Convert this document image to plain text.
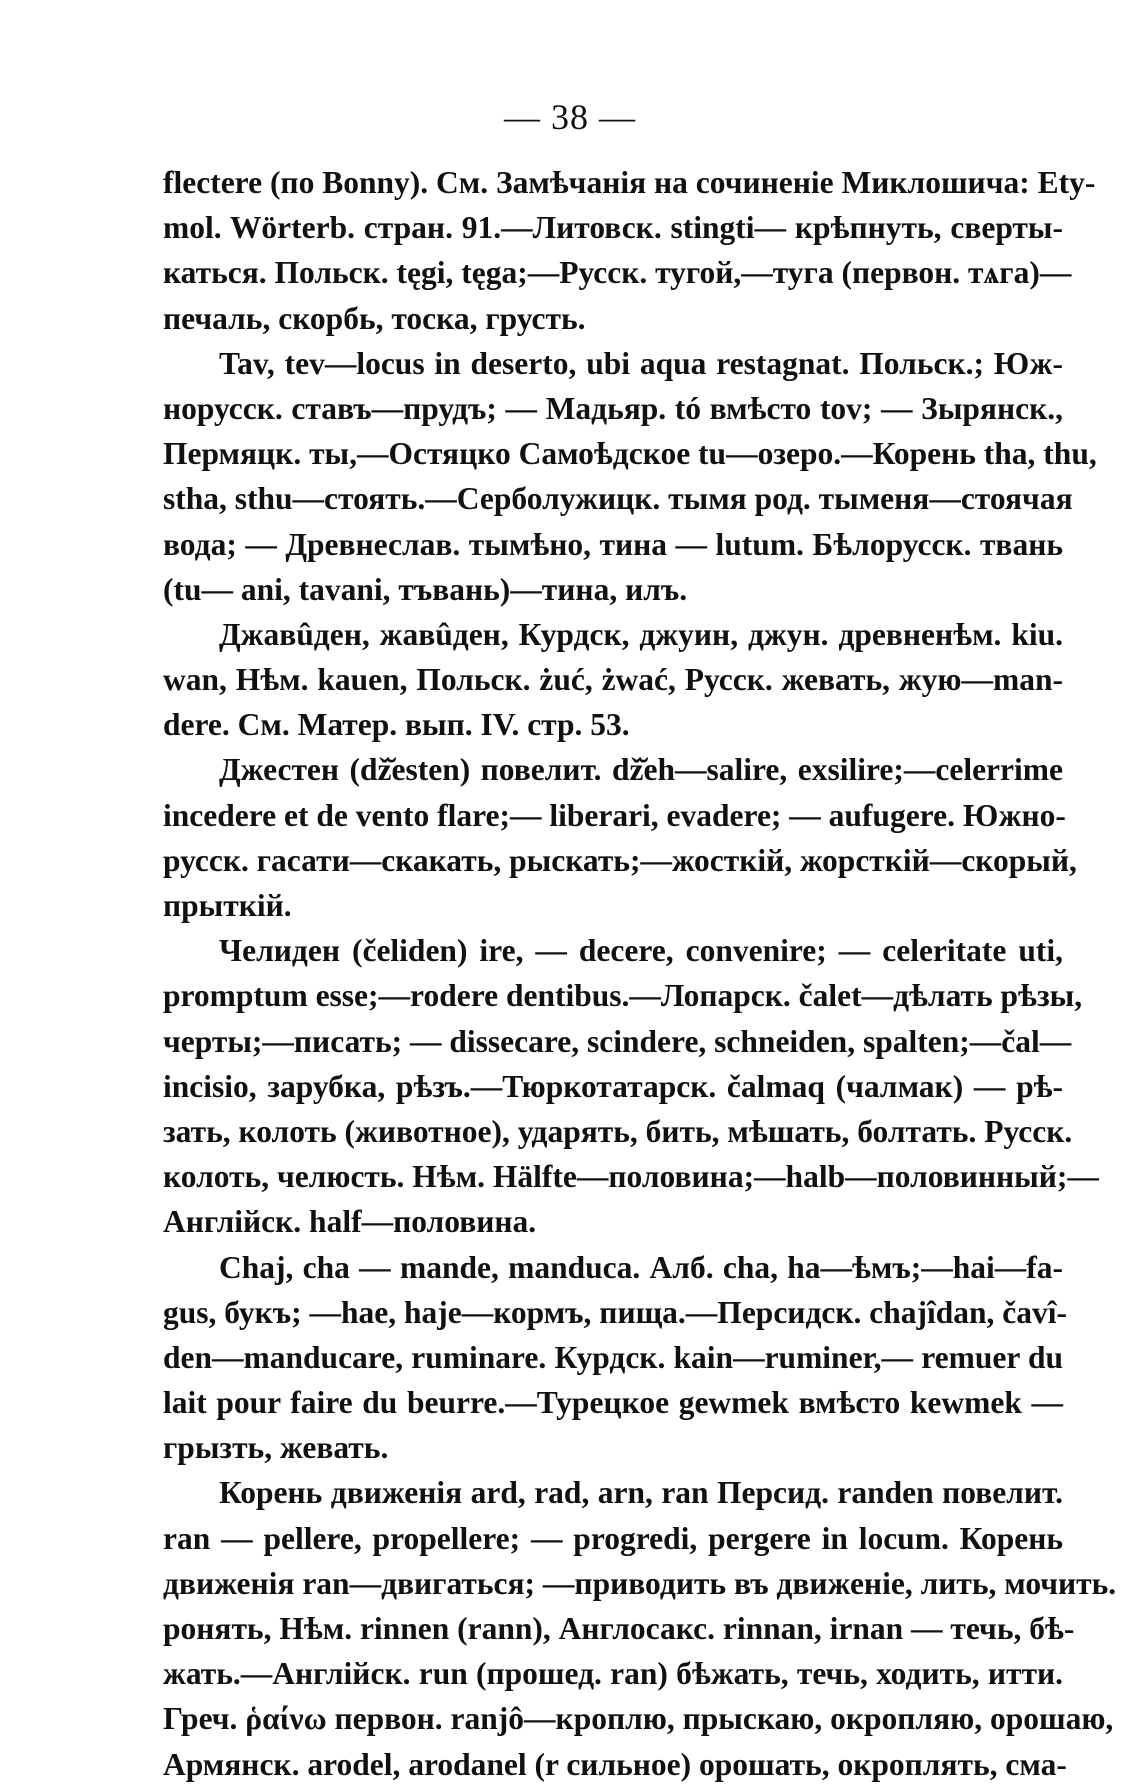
— 38 —
flectere (по Bonny). См. Замѣчанія на сочиненіе Миклошича: Ety-
mol. Wörterb. стран. 91.—Литовск. stingti— крѣпнуть, сверты-
каться. Польск. tęgi, tęga;—Русск. тугой,—туга (первон. тѧга)—
печаль, скорбь, тоска, грусть.
Tav, tev—locus in deserto, ubi aqua restagnat. Польск.; Юж-
норусск. ставъ—прудъ; — Мадьяр. tó вмѣсто tov; — Зырянск.,
Пермяцк. ты,—Остяцко Самоѣдское tu—озеро.—Корень tha, thu,
stha, sthu—стоять.—Серболужицк. тымя род. тыменя—стоячая
вода; — Древнеслав. тымѣно, тина — lutum. Бѣлорусск. твань
(tu— ani, tavani, тъвань)—тина, илъ.
Джавûден, жавûден, Курдск, джуин, джун. древненѣм. kiu.
wan, Нѣм. kauen, Польск. żuć, żwać, Русск. жевать, жую—man-
dere. См. Матер. вып. IV. стр. 53.
Джестен (dž̆esten) повелит. dž̆eh—salire, exsilire;—celerrime
incedere et de vento flare;— liberari, evadere; — aufugere. Южно-
русск. гасати—скакать, рыскать;—жосткій, жорсткій—скорый,
прыткій.
Челиден (čeliden) ire, — decere, convenire; — celeritate uti,
promptum esse;—rodere dentibus.—Лопарск. čalet—дѣлать рѣзы,
черты;—писать; — dissecare, scindere, schneiden, spalten;—čal—
incisio, зарубка, рѣзъ.—Тюркотатарск. čalmaq (чалмак) — рѣ-
зать, колоть (животное), ударять, бить, мѣшать, болтать. Русск.
колоть, челюсть. Нѣм. Hälfte—половина;—halb—половинный;—
Англійск. half—половина.
Chaj, cha — mande, manduca. Алб. cha, ha—ѣмъ;—hai—fa-
gus, букъ; —hae, haje—кормъ, пища.—Персидск. chajîdan, čavî-
den—manducare, ruminare. Курдск. kain—ruminer,— remuer du
lait pour faire du beurre.—Турецкое gewmek вмѣсто kewmek —
грызть, жевать.
Корень движенія ard, rad, arn, ran Персид. randen повелит.
ran — pellere, propellere; — progredi, pergere in locum. Корень
движенія ran—двигаться; —приводить въ движеніе, лить, мочить.
ронять, Нѣм. rinnen (rann), Англосакс. rinnan, irnan — течь, бѣ-
жать.—Англійск. run (прошед. ran) бѣжать, течь, ходить, итти.
Греч. ῥαίνω первон. ranjô—кроплю, прыскаю, окропляю, орошаю,
Армянск. arodel, arodanel (r сильное) орошать, окроплять, сма-
